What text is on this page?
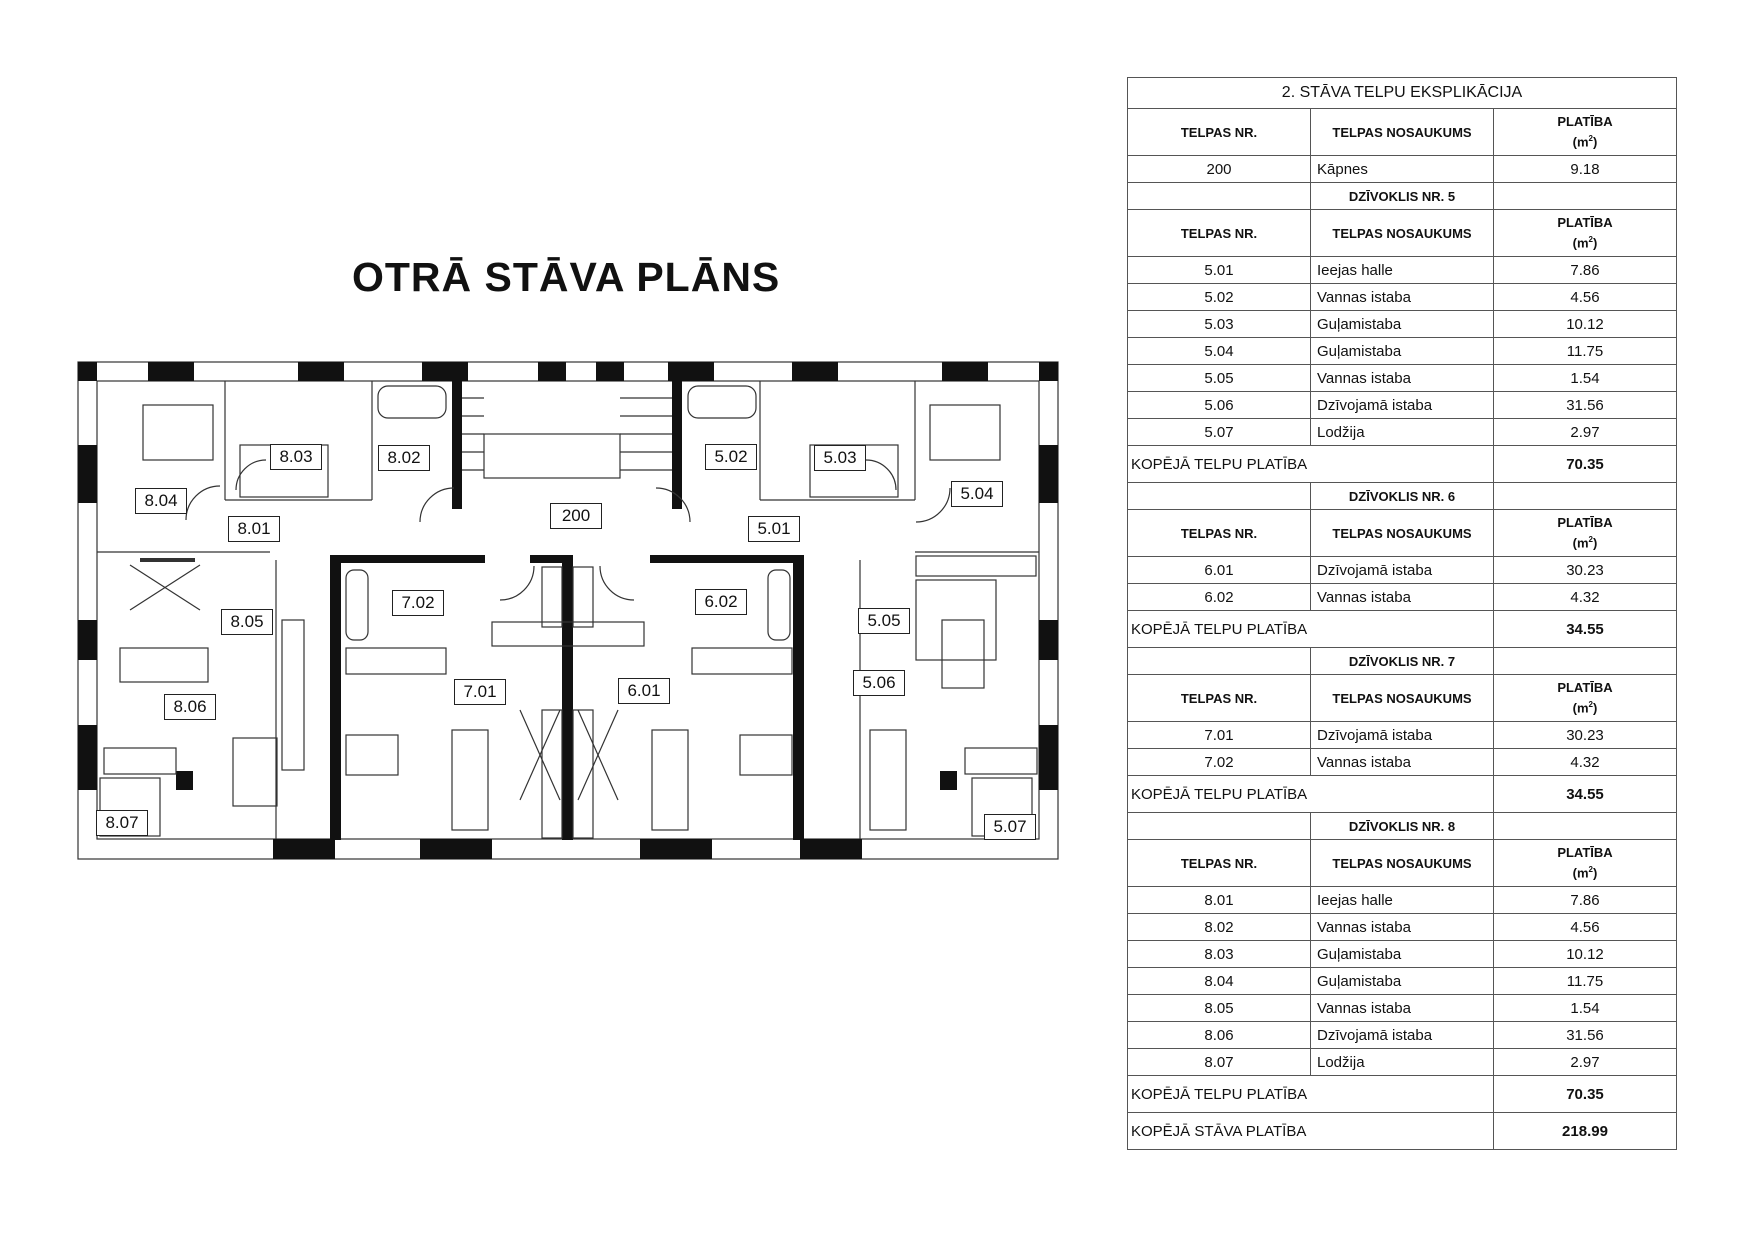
OTRĀ STĀVA PLĀNS
8.03	8.02	5.02	5.03
8.04	5.04
200
8.01	5.01
7.02	6.02
8.05	5.05
7.01	6.01	5.06
8.06
8.07	5.07
2. STĀVA TELPU EKSPLIKĀCIJA		
TELPAS NR.	TELPAS NOSAUKUMS	PLATĪBA
$(m^2)$
200	Kāpnes	9.18
	DZĪVOKLIS NR. 5	
TELPAS NR.	TELPAS NOSAUKUMS	PLATĪBA
$(m^2)$
5.01	Ieejas halle	7.86
5.02	Vannas istaba	4.56
5.03	Guļamistaba	10.12
5.04	Guļamistaba	11.75
5.05	Vannas istaba	1.54
5.06	Dzīvojamā istaba	31.56
5.07	Lodžija	2.97
KOPĒJĀ TELPU PLATĪBA		70.35
	DZĪVOKLIS NR. 6	
TELPAS NR.	TELPAS NOSAUKUMS	PLATĪBA
$(m^2)$
6.01	Dzīvojamā istaba	30.23
6.02	Vannas istaba	4.32
KOPĒJĀ TELPU PLATĪBA		34.55
	DZĪVOKLIS NR. 7	
TELPAS NR.	TELPAS NOSAUKUMS	PLATĪBA
$(m^2)$
7.01	Dzīvojamā istaba	30.23
7.02	Vannas istaba	4.32
KOPĒJĀ TELPU PLATĪBA		34.55
	DZĪVOKLIS NR. 8	
TELPAS NR.	TELPAS NOSAUKUMS	PLATĪBA
$(m^2)$
8.01	Ieejas halle	7.86
8.02	Vannas istaba	4.56
8.03	Guļamistaba	10.12
8.04	Guļamistaba	11.75
8.05	Vannas istaba	1.54
8.06	Dzīvojamā istaba	31.56
8.07	Lodžija	2.97
KOPĒJĀ TELPU PLATĪBA		70.35
KOPĒJĀ STĀVA PLATĪBA		218.99
